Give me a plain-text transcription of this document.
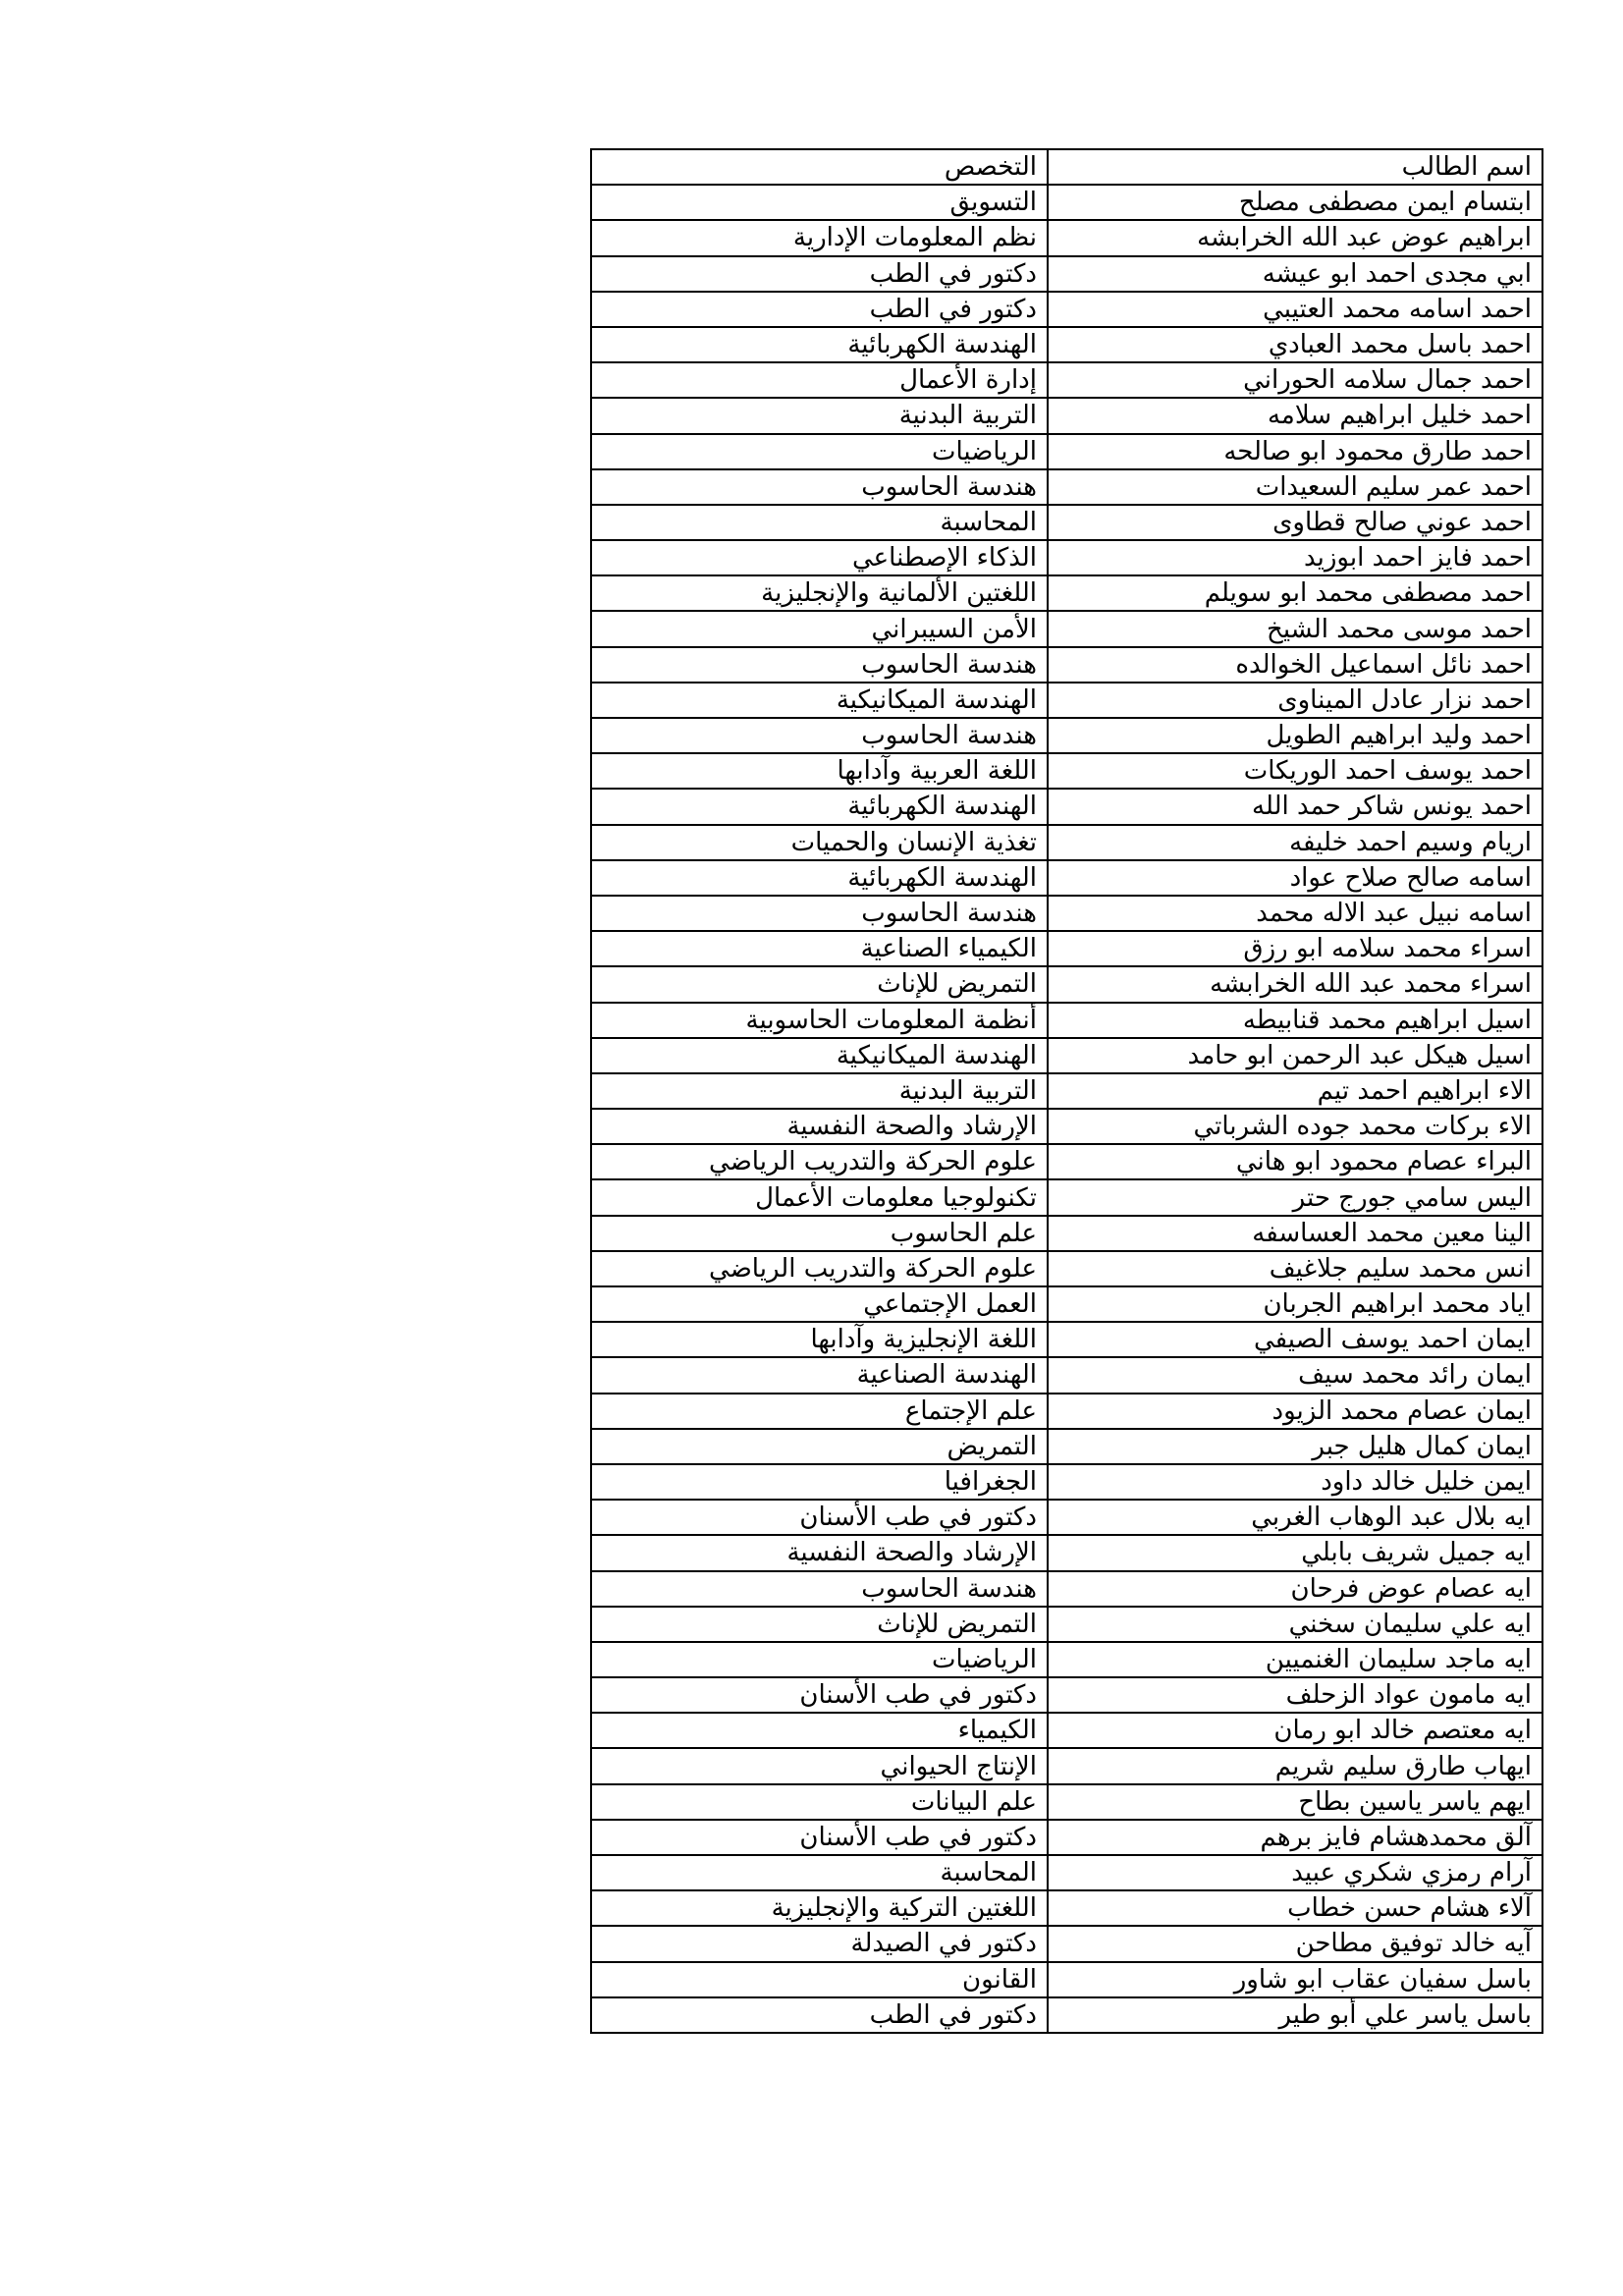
اسم الطالب	التخصص
ابتسام ايمن مصطفى مصلح	التسويق
ابراهيم عوض عبد الله الخرابشه	نظم المعلومات الإدارية
ابي مجدى احمد ابو عيشه	دكتور في الطب
احمد اسامه محمد العتيبي	دكتور في الطب
احمد باسل محمد العبادي	الهندسة الكهربائية
احمد جمال سلامه الحوراني	إدارة الأعمال
احمد خليل ابراهيم سلامه	التربية البدنية
احمد طارق محمود ابو صالحه	الرياضيات
احمد عمر سليم السعيدات	هندسة الحاسوب
احمد عوني صالح قطاوى	المحاسبة
احمد فايز احمد ابوزيد	الذكاء الإصطناعي
احمد مصطفى محمد ابو سويلم	اللغتين الألمانية والإنجليزية
احمد موسى محمد الشيخ	الأمن السيبراني
احمد نائل اسماعيل الخوالده	هندسة الحاسوب
احمد نزار عادل الميناوى	الهندسة الميكانيكية
احمد وليد ابراهيم الطويل	هندسة الحاسوب
احمد يوسف احمد الوريكات	اللغة العربية وآدابها
احمد يونس شاكر حمد الله	الهندسة الكهربائية
اريام وسيم احمد خليفه	تغذية الإنسان والحميات
اسامه صالح صلاح عواد	الهندسة الكهربائية
اسامه نبيل عبد الاله محمد	هندسة الحاسوب
اسراء محمد سلامه ابو رزق	الكيمياء الصناعية
اسراء محمد عبد الله الخرابشه	التمريض للإناث
اسيل ابراهيم محمد قنابيطه	أنظمة المعلومات الحاسوبية
اسيل هيكل عبد الرحمن ابو حامد	الهندسة الميكانيكية
الاء ابراهيم احمد تيم	التربية البدنية
الاء بركات محمد جوده الشرباتي	الإرشاد والصحة النفسية
البراء عصام محمود ابو هاني	علوم الحركة والتدريب الرياضي
اليس سامي جورج حتر	تكنولوجيا معلومات الأعمال
الينا معين محمد العساسفه	علم الحاسوب
انس محمد سليم جلاغيف	علوم الحركة والتدريب الرياضي
اياد محمد ابراهيم الجربان	العمل الإجتماعي
ايمان احمد يوسف الصيفي	اللغة الإنجليزية وآدابها
ايمان رائد محمد سيف	الهندسة الصناعية
ايمان عصام محمد الزيود	علم الإجتماع
ايمان كمال هليل جبر	التمريض
ايمن خليل خالد داود	الجغرافيا
ايه بلال عبد الوهاب الغربي	دكتور في طب الأسنان
ايه جميل شريف بابلي	الإرشاد والصحة النفسية
ايه عصام عوض فرحان	هندسة الحاسوب
ايه علي سليمان سخني	التمريض للإناث
ايه ماجد سليمان الغنميين	الرياضيات
ايه مامون عواد الزحلف	دكتور في طب الأسنان
ايه معتصم خالد ابو رمان	الكيمياء
ايهاب طارق سليم شريم	الإنتاج الحيواني
ايهم ياسر ياسين بطاح	علم البيانات
آلق محمدهشام فايز برهم	دكتور في طب الأسنان
آرام رمزي شكري عبيد	المحاسبة
آلاء هشام حسن خطاب	اللغتين التركية والإنجليزية
آيه خالد توفيق مطاحن	دكتور في الصيدلة
باسل سفيان عقاب ابو شاور	القانون
باسل ياسر علي أبو طير	دكتور في الطب
